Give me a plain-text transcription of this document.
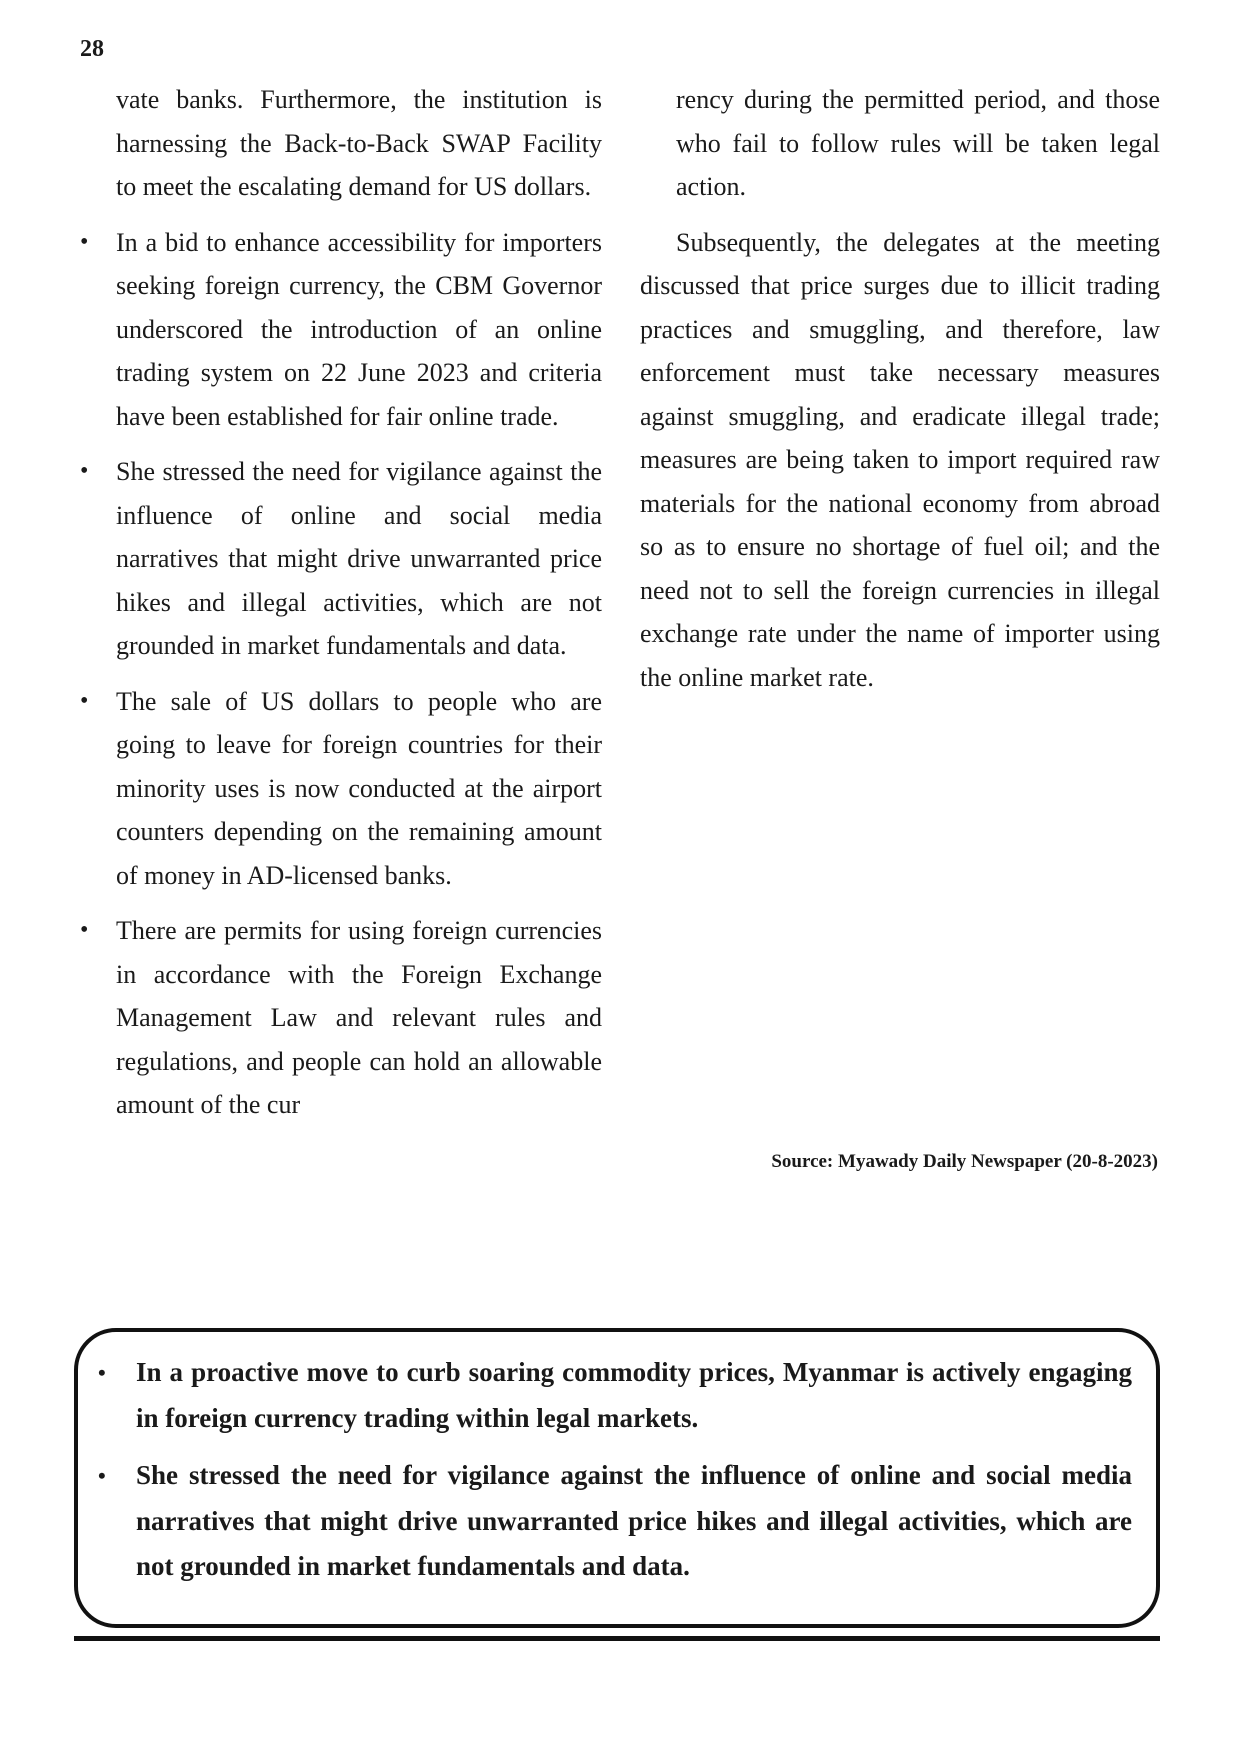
28

vate banks. Furthermore, the institution is harnessing the Back-to-Back SWAP Facility to meet the escalating demand for US dollars.

• In a bid to enhance accessibility for importers seeking foreign currency, the CBM Governor underscored the introduction of an online trading system on 22 June 2023 and criteria have been established for fair online trade.

• She stressed the need for vigilance against the influence of online and social media narratives that might drive unwarranted price hikes and illegal activities, which are not grounded in market fundamentals and data.

• The sale of US dollars to people who are going to leave for foreign countries for their minority uses is now conducted at the airport counters depending on the remaining amount of money in AD-licensed banks.

• There are permits for using foreign currencies in accordance with the Foreign Exchange Management Law and relevant rules and regulations, and people can hold an allowable amount of the cur

rency during the permitted period, and those who fail to follow rules will be taken legal action.

Subsequently, the delegates at the meeting discussed that price surges due to illicit trading practices and smuggling, and therefore, law enforcement must take necessary measures against smuggling, and eradicate illegal trade; measures are being taken to import required raw materials for the national economy from abroad so as to ensure no shortage of fuel oil; and the need not to sell the foreign currencies in illegal exchange rate under the name of importer using the online market rate.

Source: Myawady Daily Newspaper (20-8-2023)
• In a proactive move to curb soaring commodity prices, Myanmar is actively engaging in foreign currency trading within legal markets.
• She stressed the need for vigilance against the influence of online and social media narratives that might drive unwarranted price hikes and illegal activities, which are not grounded in market fundamentals and data.
